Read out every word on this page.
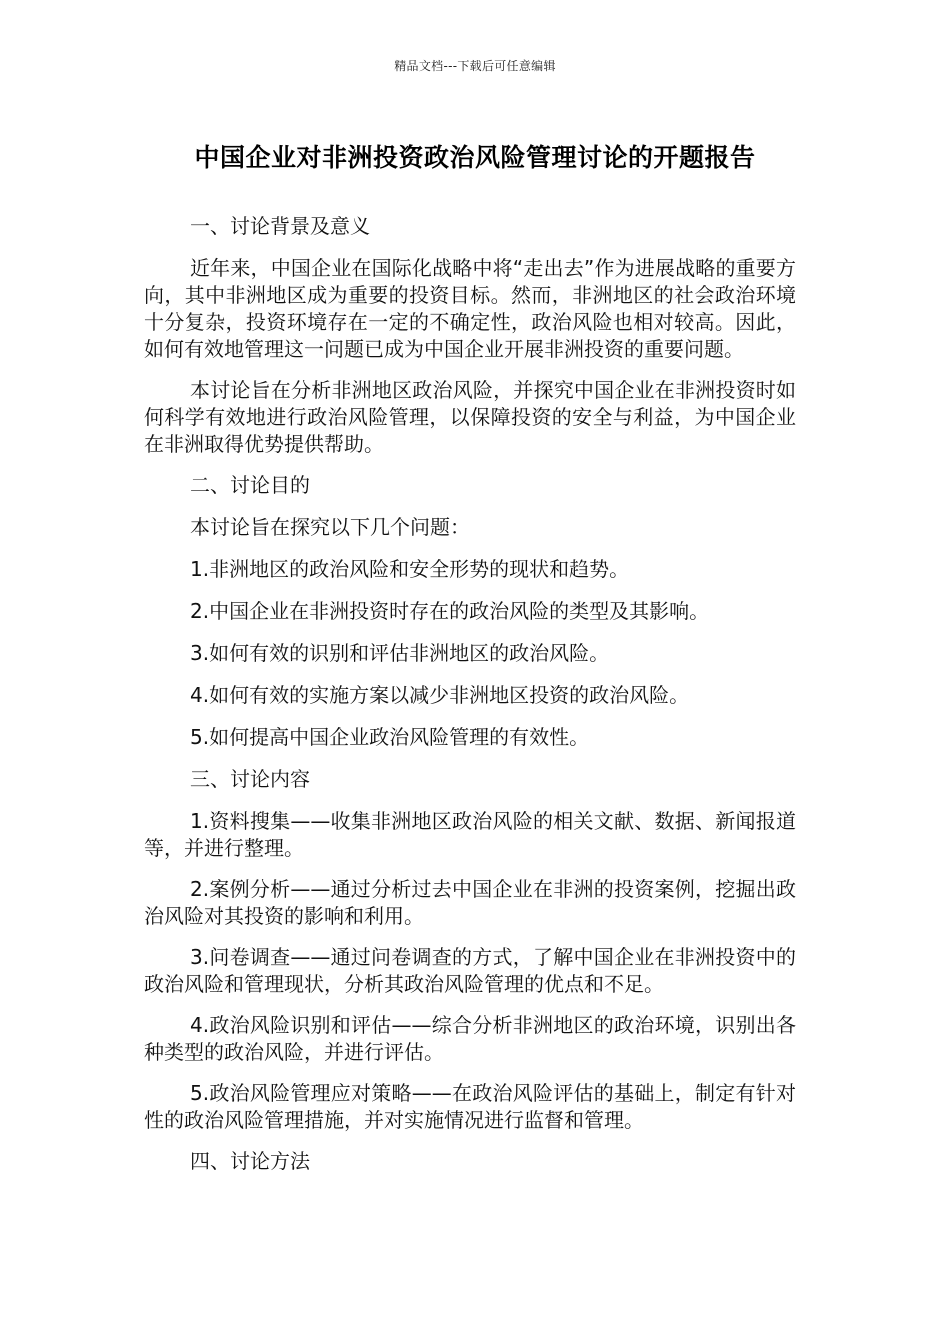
精品文档---下载后可任意编辑
中国企业对非洲投资政治风险管理讨论的开题报告

一、讨论背景及意义

近年来，中国企业在国际化战略中将“走出去”作为进展战略的重要方向，其中非洲地区成为重要的投资目标。然而，非洲地区的社会政治环境十分复杂，投资环境存在一定的不确定性，政治风险也相对较高。因此，如何有效地管理这一问题已成为中国企业开展非洲投资的重要问题。

本讨论旨在分析非洲地区政治风险，并探究中国企业在非洲投资时如何科学有效地进行政治风险管理，以保障投资的安全与利益，为中国企业在非洲取得优势提供帮助。

二、讨论目的

本讨论旨在探究以下几个问题：

1.非洲地区的政治风险和安全形势的现状和趋势。

2.中国企业在非洲投资时存在的政治风险的类型及其影响。

3.如何有效的识别和评估非洲地区的政治风险。

4.如何有效的实施方案以减少非洲地区投资的政治风险。

5.如何提高中国企业政治风险管理的有效性。

三、讨论内容

1.资料搜集——收集非洲地区政治风险的相关文献、数据、新闻报道等，并进行整理。

2.案例分析——通过分析过去中国企业在非洲的投资案例，挖掘出政治风险对其投资的影响和利用。

3.问卷调查——通过问卷调查的方式，了解中国企业在非洲投资中的政治风险和管理现状，分析其政治风险管理的优点和不足。

4.政治风险识别和评估——综合分析非洲地区的政治环境，识别出各种类型的政治风险，并进行评估。

5.政治风险管理应对策略——在政治风险评估的基础上，制定有针对性的政治风险管理措施，并对实施情况进行监督和管理。

四、讨论方法
